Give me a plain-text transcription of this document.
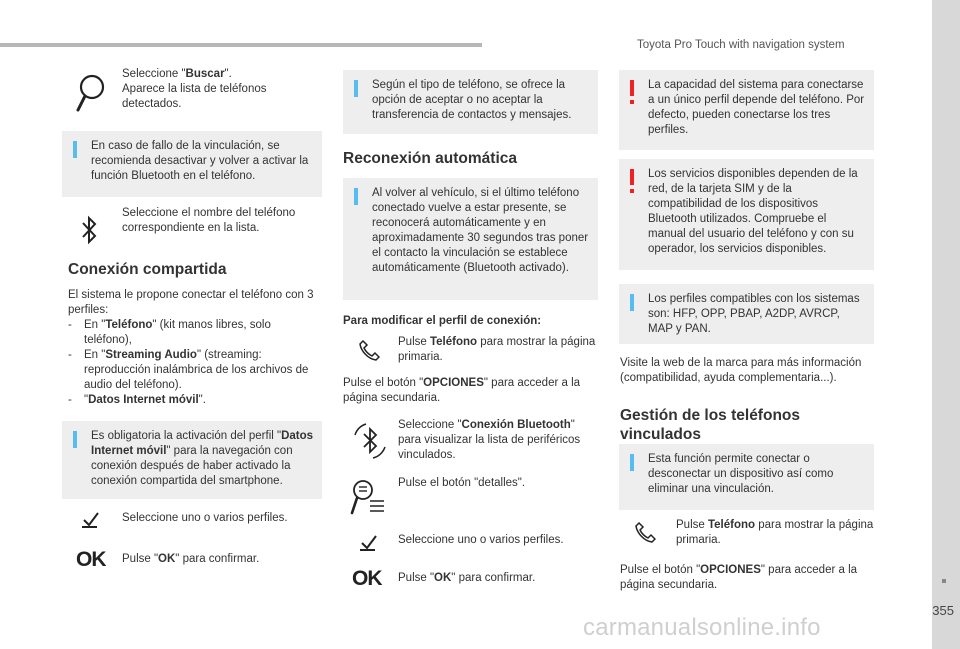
Toyota Pro Touch with navigation system
355
carmanualsonline.info
Seleccione "Buscar".
Aparece la lista de teléfonos detectados.
En caso de fallo de la vinculación, se recomienda desactivar y volver a activar la función Bluetooth en el teléfono.
Seleccione el nombre del teléfono correspondiente en la lista.
Conexión compartida
El sistema le propone conectar el teléfono con 3 perfiles:
- En "Teléfono" (kit manos libres, solo teléfono),
- En "Streaming Audio" (streaming: reproducción inalámbrica de los archivos de audio del teléfono).
- "Datos Internet móvil".
Es obligatoria la activación del perfil "Datos Internet móvil" para la navegación con conexión después de haber activado la conexión compartida del smartphone.
Seleccione uno o varios perfiles.
OK Pulse "OK" para confirmar.
Según el tipo de teléfono, se ofrece la opción de aceptar o no aceptar la transferencia de contactos y mensajes.
Reconexión automática
Al volver al vehículo, si el último teléfono conectado vuelve a estar presente, se reconocerá automáticamente y en aproximadamente 30 segundos tras poner el contacto la vinculación se establece automáticamente (Bluetooth activado).
Para modificar el perfil de conexión:
Pulse Teléfono para mostrar la página primaria.
Pulse el botón "OPCIONES" para acceder a la página secundaria.
Seleccione "Conexión Bluetooth" para visualizar la lista de periféricos vinculados.
Pulse el botón "detalles".
Seleccione uno o varios perfiles.
OK Pulse "OK" para confirmar.
La capacidad del sistema para conectarse a un único perfil depende del teléfono. Por defecto, pueden conectarse los tres perfiles.
Los servicios disponibles dependen de la red, de la tarjeta SIM y de la compatibilidad de los dispositivos Bluetooth utilizados. Compruebe el manual del usuario del teléfono y con su operador, los servicios disponibles.
Los perfiles compatibles con los sistemas son: HFP, OPP, PBAP, A2DP, AVRCP, MAP y PAN.
Visite la web de la marca para más información (compatibilidad, ayuda complementaria...).
Gestión de los teléfonos vinculados
Esta función permite conectar o desconectar un dispositivo así como eliminar una vinculación.
Pulse Teléfono para mostrar la página primaria.
Pulse el botón "OPCIONES" para acceder a la página secundaria.
